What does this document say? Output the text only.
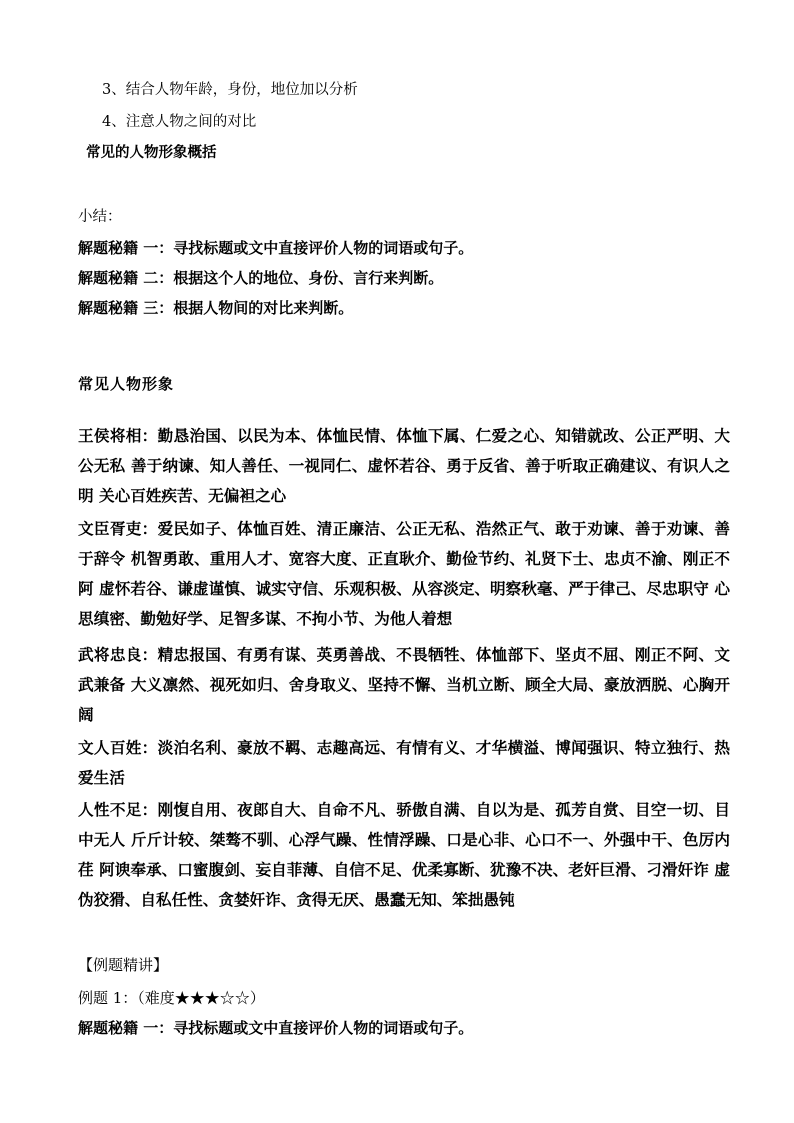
3、结合人物年龄，身份，地位加以分析
4、注意人物之间的对比
常见的人物形象概括
小结：
解题秘籍 一：寻找标题或文中直接评价人物的词语或句子。
解题秘籍 二：根据这个人的地位、身份、言行来判断。
解题秘籍 三：根据人物间的对比来判断。
常见人物形象
王侯将相：勤恳治国、以民为本、体恤民情、体恤下属、仁爱之心、知错就改、公正严明、大公无私 善于纳谏、知人善任、一视同仁、虚怀若谷、勇于反省、善于听取正确建议、有识人之明 关心百姓疾苦、无偏袒之心
文臣胥吏：爱民如子、体恤百姓、清正廉洁、公正无私、浩然正气、敢于劝谏、善于劝谏、善于辞令 机智勇敢、重用人才、宽容大度、正直耿介、勤俭节约、礼贤下士、忠贞不渝、刚正不阿 虚怀若谷、谦虚谨慎、诚实守信、乐观积极、从容淡定、明察秋毫、严于律己、尽忠职守 心思缜密、勤勉好学、足智多谋、不拘小节、为他人着想
武将忠良：精忠报国、有勇有谋、英勇善战、不畏牺牲、体恤部下、坚贞不屈、刚正不阿、文武兼备 大义凛然、视死如归、舍身取义、坚持不懈、当机立断、顾全大局、豪放洒脱、心胸开阔
文人百姓：淡泊名利、豪放不羁、志趣高远、有情有义、才华横溢、博闻强识、特立独行、热爱生活
人性不足：刚愎自用、夜郎自大、自命不凡、骄傲自满、自以为是、孤芳自赏、目空一切、目中无人 斤斤计较、桀骜不驯、心浮气躁、性情浮躁、口是心非、心口不一、外强中干、色厉内荏 阿谀奉承、口蜜腹剑、妄自菲薄、自信不足、优柔寡断、犹豫不决、老奸巨滑、刁滑奸诈 虚伪狡猾、自私任性、贪婪奸诈、贪得无厌、愚蠢无知、笨拙愚钝
【例题精讲】
例题 1：（难度★★★☆☆）
解题秘籍 一：寻找标题或文中直接评价人物的词语或句子。
